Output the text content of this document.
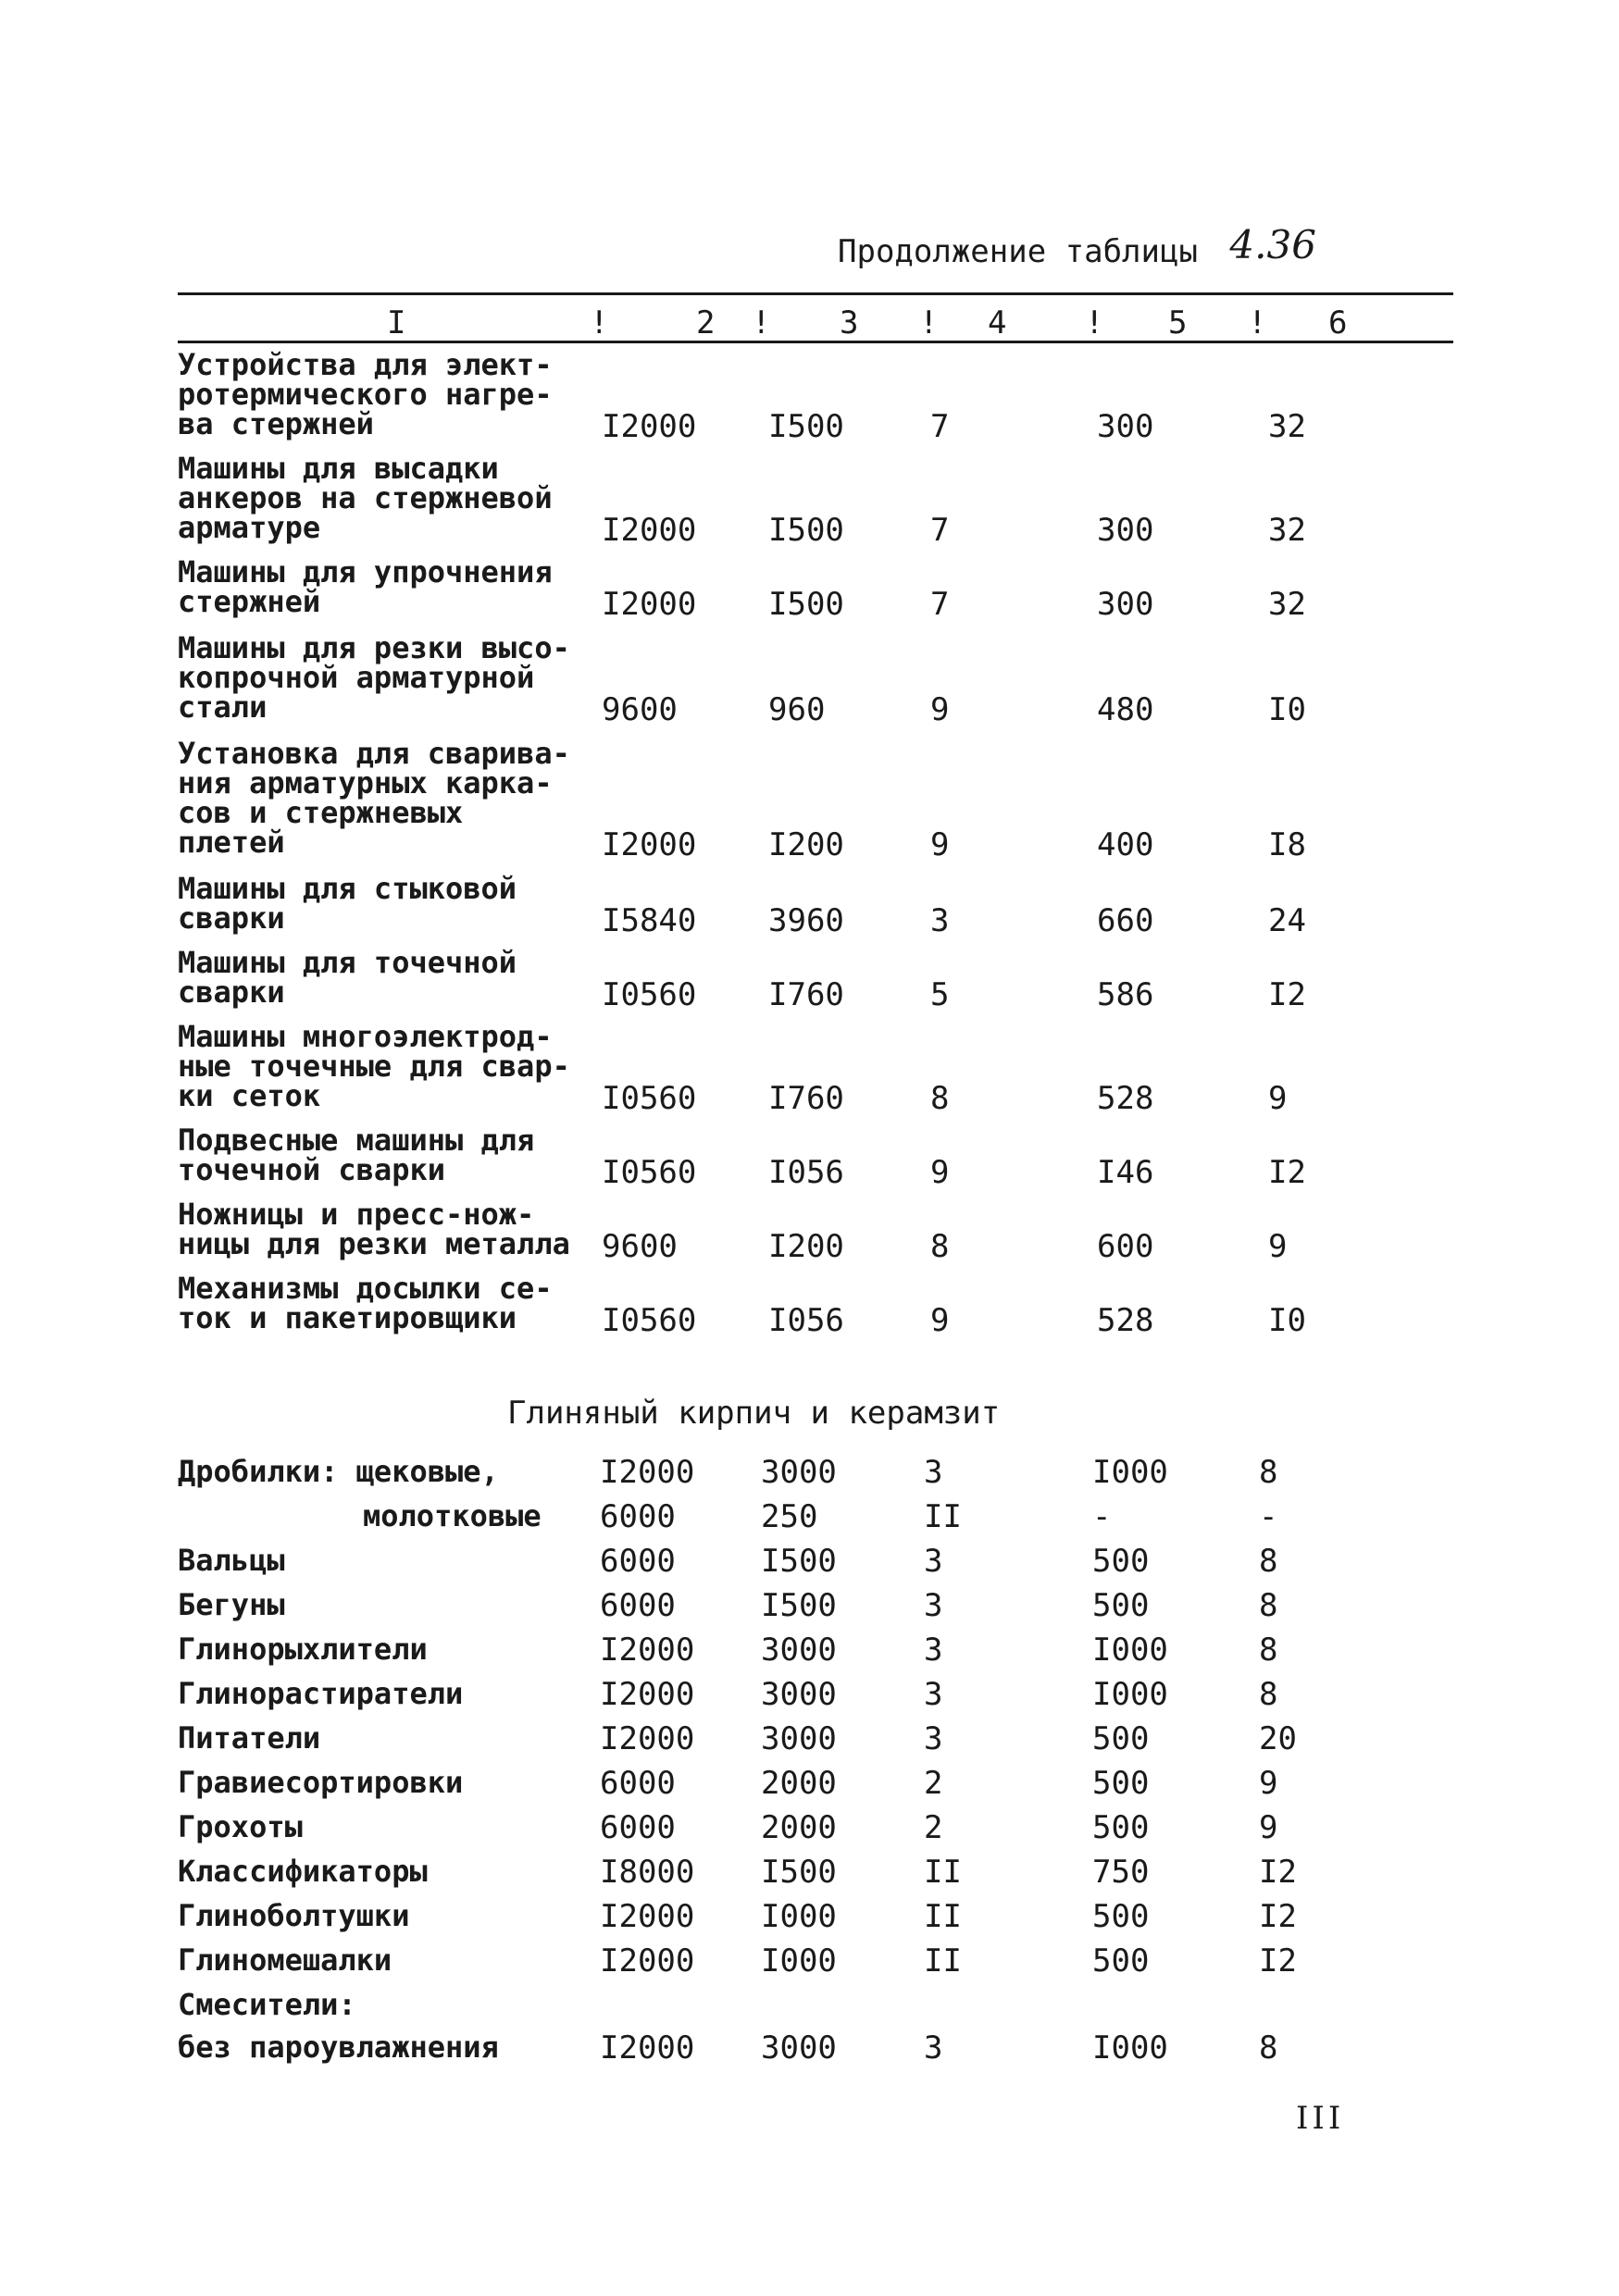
Продолжение таблицы 4.36
I	!	2 ! 3 ! 4 ! 5 ! 6
Устройства для элект-
ротермического нагре-
ва стержней	I2000 I500	7	300	32
Машины для высадки
анкеров на стержневой
арматуре	I2000 I500	7	300	32
Машины для упрочнения
стержней	I2000 I500	7	300	32
Машины для резки высо-
копрочной арматурной
стали	9600	960	9	480	I0
Установка для сварива-
ния арматурных карка-
сов и стержневых
плетей	I2000 I200	9	400	I8
Машины для стыковой
сварки	I5840 3960	3	660	24
Машины для точечной
сварки	I0560 I760	5	586	I2
Машины многоэлектрод-
ные точечные для свар-
ки сеток	I0560 I760	8	528	9
Подвесные машины для
точечной сварки	I0560 I056	9	I46	I2
Ножницы и пресс-нож-
ницы для резки металла	9600	I200	8	600	9
Механизмы досылки се-
ток и пакетировщики	I0560 I056	9	528	I0
Глиняный кирпич и керамзит
Дробилки: щековые,	I2000 3000	3	I000	8
молотковые	6000	250	II	-	-
Вальцы	6000	I500	3	500	8
Бегуны	6000	I500	3	500	8
Глинорыхлители	I2000 3000	3	I000	8
Глинорастиратели	I2000 3000	3	I000	8
Питатели	I2000 3000	3	500	20
Гравиесортировки	6000	2000	2	500	9
Грохоты	6000	2000	2	500	9
Классификаторы	I8000 I500	II	750	I2
Глиноболтушки	I2000 I000	II	500	I2
Глиномешалки	I2000 I000	II	500	I2
Смесители:
без пароувлажнения	I2000 3000	3	I000	8
III
